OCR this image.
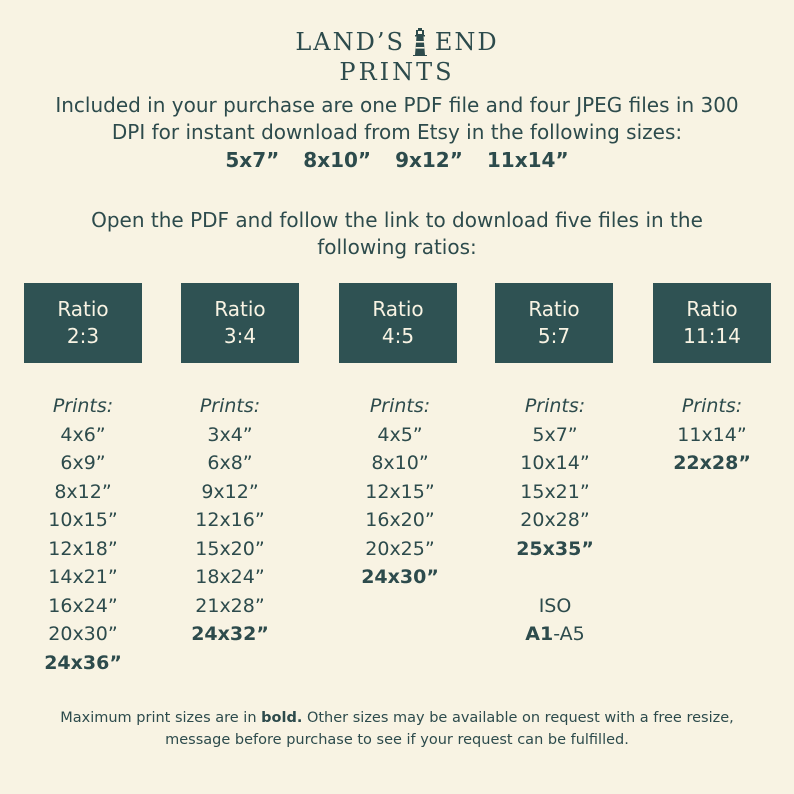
LAND’S END
PRINTS
Included in your purchase are one PDF file and four JPEG files in 300
DPI for instant download from Etsy in the following sizes:
5x7” 8x10” 9x12” 11x14”
Open the PDF and follow the link to download five files in the
following ratios:
Ratio
2:3
Ratio
3:4
Ratio
4:5
Ratio
5:7
Ratio
11:14
Prints:
4x6”
6x9”
8x12”
10x15”
12x18”
14x21”
16x24”
20x30”
24x36”
Prints:
3x4”
6x8”
9x12”
12x16”
15x20”
18x24”
21x28”
24x32”
Prints:
4x5”
8x10”
12x15”
16x20”
20x25”
24x30”
Prints:
5x7”
10x14”
15x21”
20x28”
25x35”
ISO
A1-A5
Prints:
11x14”
22x28”
Maximum print sizes are in bold. Other sizes may be available on request with a free resize,
message before purchase to see if your request can be fulfilled.
